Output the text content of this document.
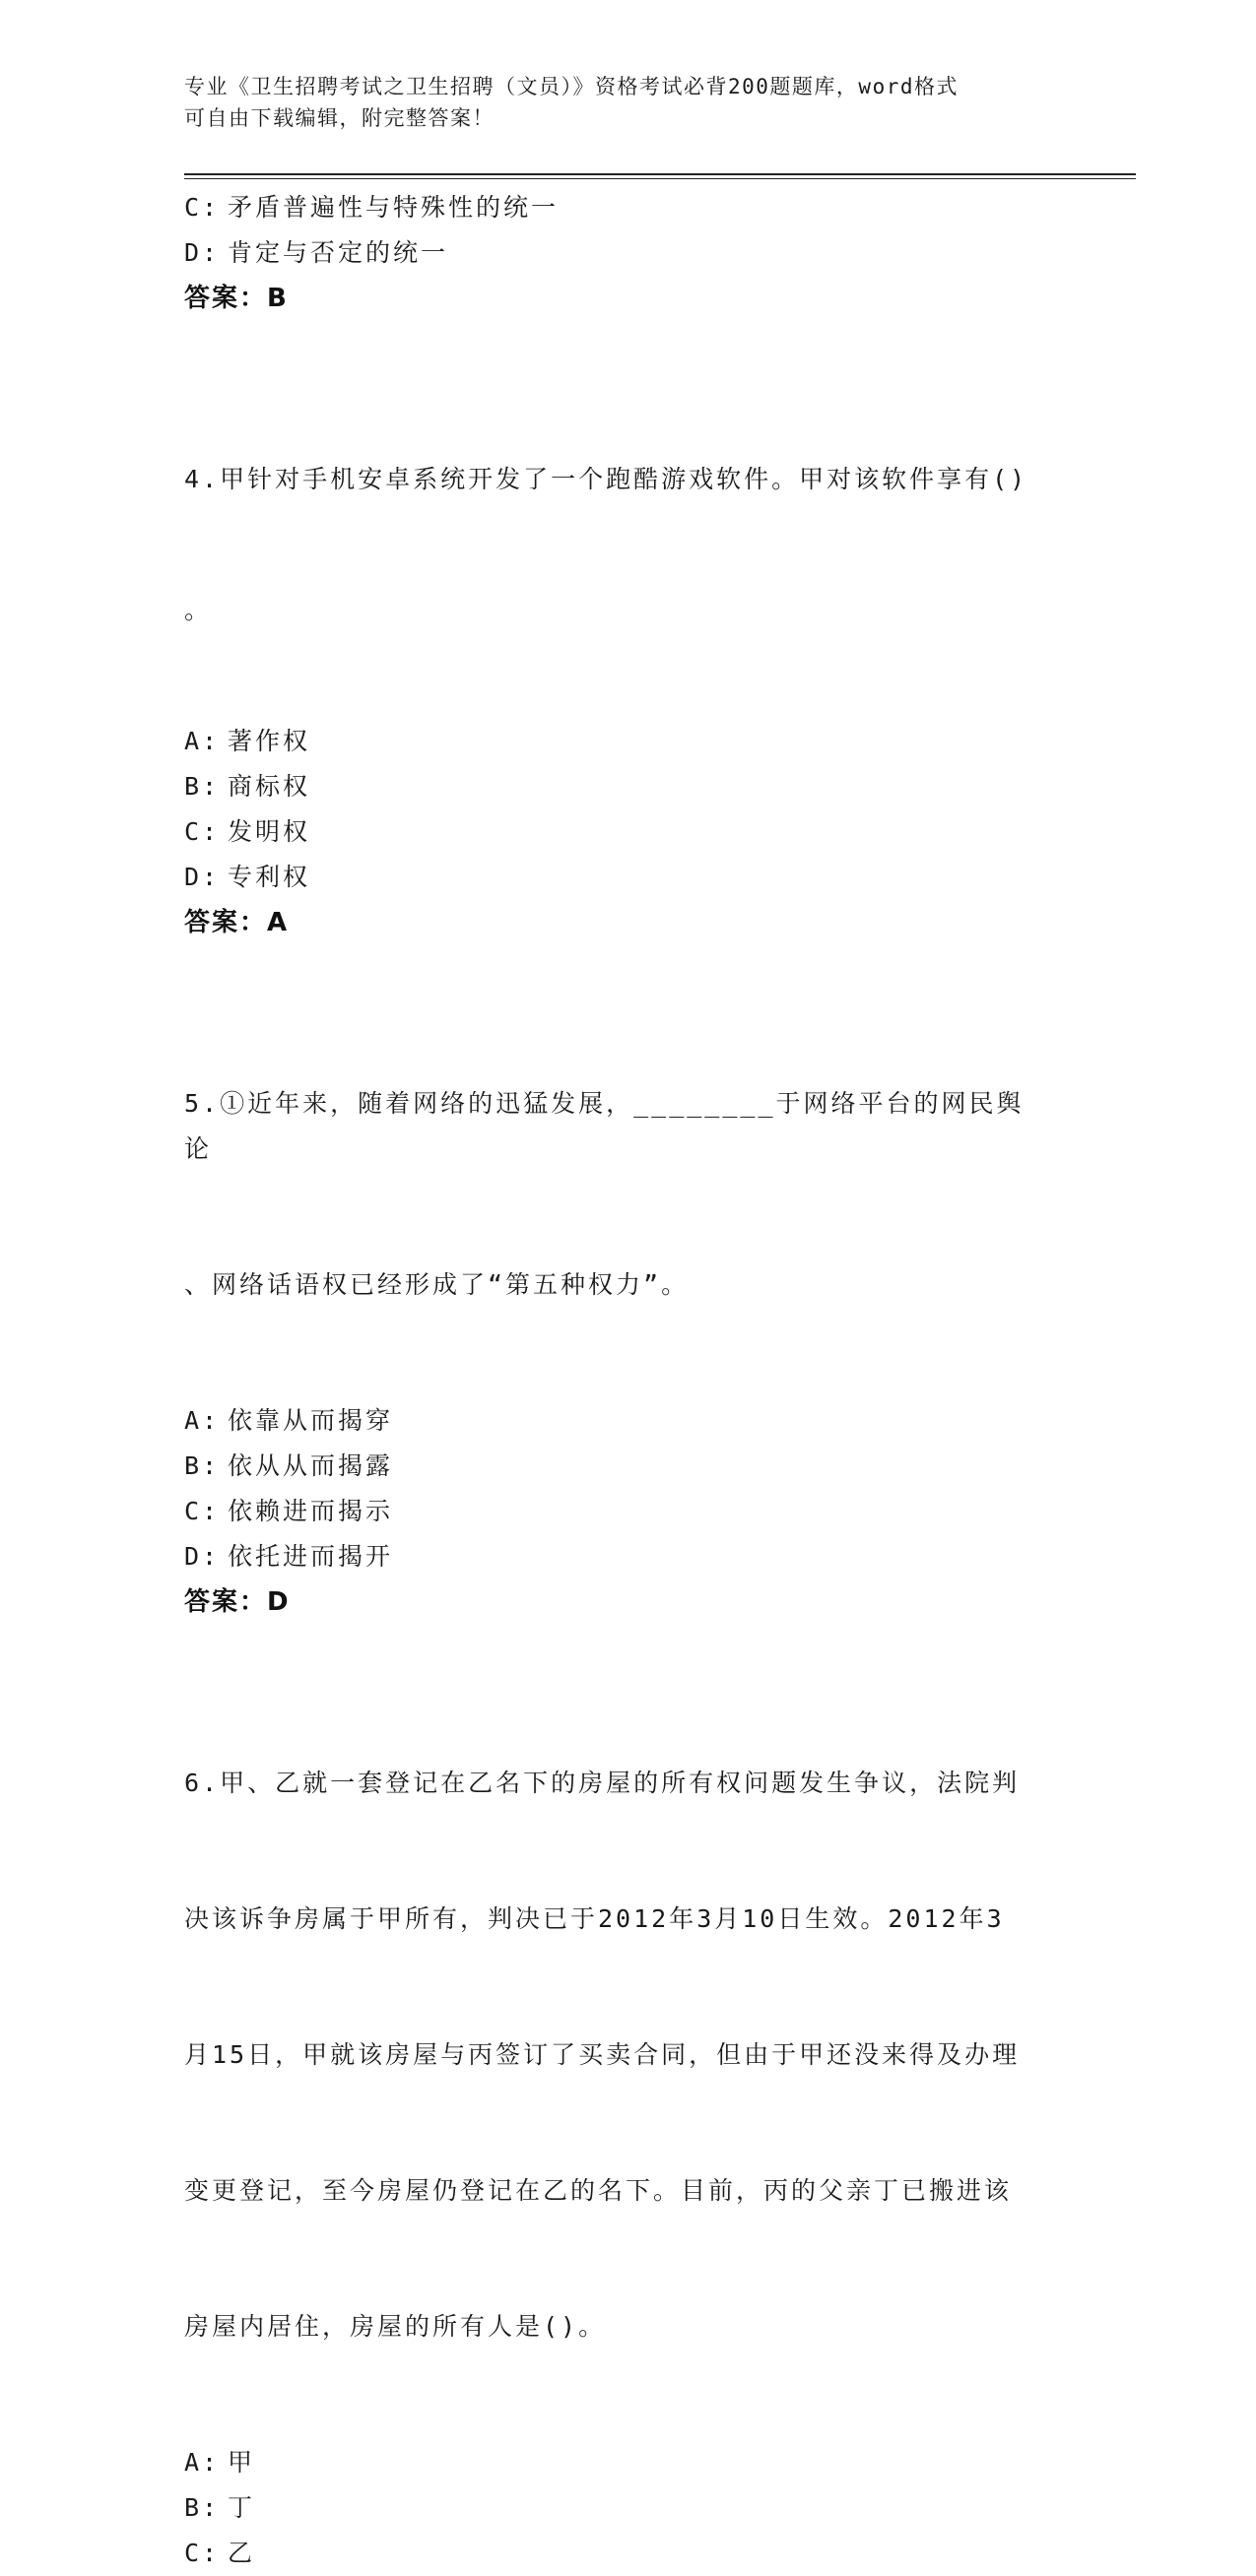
专业《卫生招聘考试之卫生招聘（文员）》资格考试必背200题题库，word格式
可自由下载编辑，附完整答案！
C: 矛盾普遍性与特殊性的统一
D: 肯定与否定的统一
答案：B

4.甲针对手机安卓系统开发了一个跑酷游戏软件。甲对该软件享有()

。

A: 著作权
B: 商标权
C: 发明权
D: 专利权
答案：A

5.①近年来，随着网络的迅猛发展，________于网络平台的网民舆论

、网络话语权已经形成了“第五种权力”。

A: 依靠从而揭穿
B: 依从从而揭露
C: 依赖进而揭示
D: 依托进而揭开
答案：D

6.甲、乙就一套登记在乙名下的房屋的所有权问题发生争议，法院判

决该诉争房属于甲所有，判决已于2012年3月10日生效。2012年3

月15日，甲就该房屋与丙签订了买卖合同，但由于甲还没来得及办理

变更登记，至今房屋仍登记在乙的名下。目前，丙的父亲丁已搬进该

房屋内居住，房屋的所有人是()。

A: 甲
B: 丁
C: 乙
